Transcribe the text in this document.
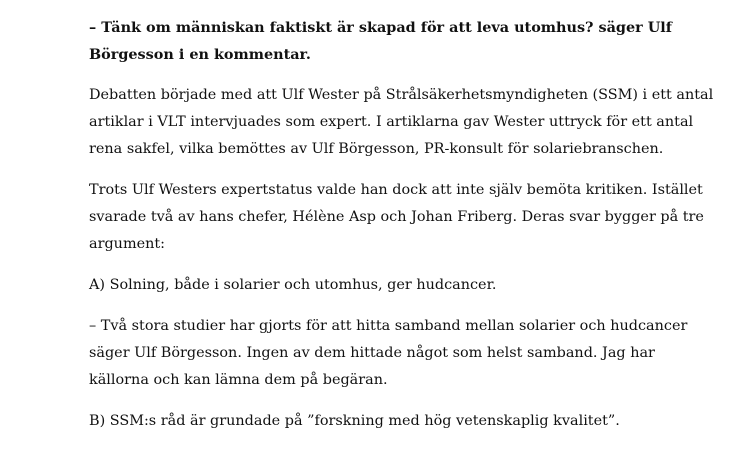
– Tänk om människan faktiskt är skapad för att leva utomhus? säger Ulf
Börgesson i en kommentar.

Debatten började med att Ulf Wester på Strålsäkerhetsmyndigheten (SSM) i ett antal
artiklar i VLT intervjuades som expert. I artiklarna gav Wester uttryck för ett antal
rena sakfel, vilka bemöttes av Ulf Börgesson, PR-konsult för solariebranschen.

Trots Ulf Westers expertstatus valde han dock att inte själv bemöta kritiken. Istället
svarade två av hans chefer, Hélène Asp och Johan Friberg. Deras svar bygger på tre
argument:

A) Solning, både i solarier och utomhus, ger hudcancer.

– Två stora studier har gjorts för att hitta samband mellan solarier och hudcancer
säger Ulf Börgesson. Ingen av dem hittade något som helst samband. Jag har
källorna och kan lämna dem på begäran.

B) SSM:s råd är grundade på ”forskning med hög vetenskaplig kvalitet”.
